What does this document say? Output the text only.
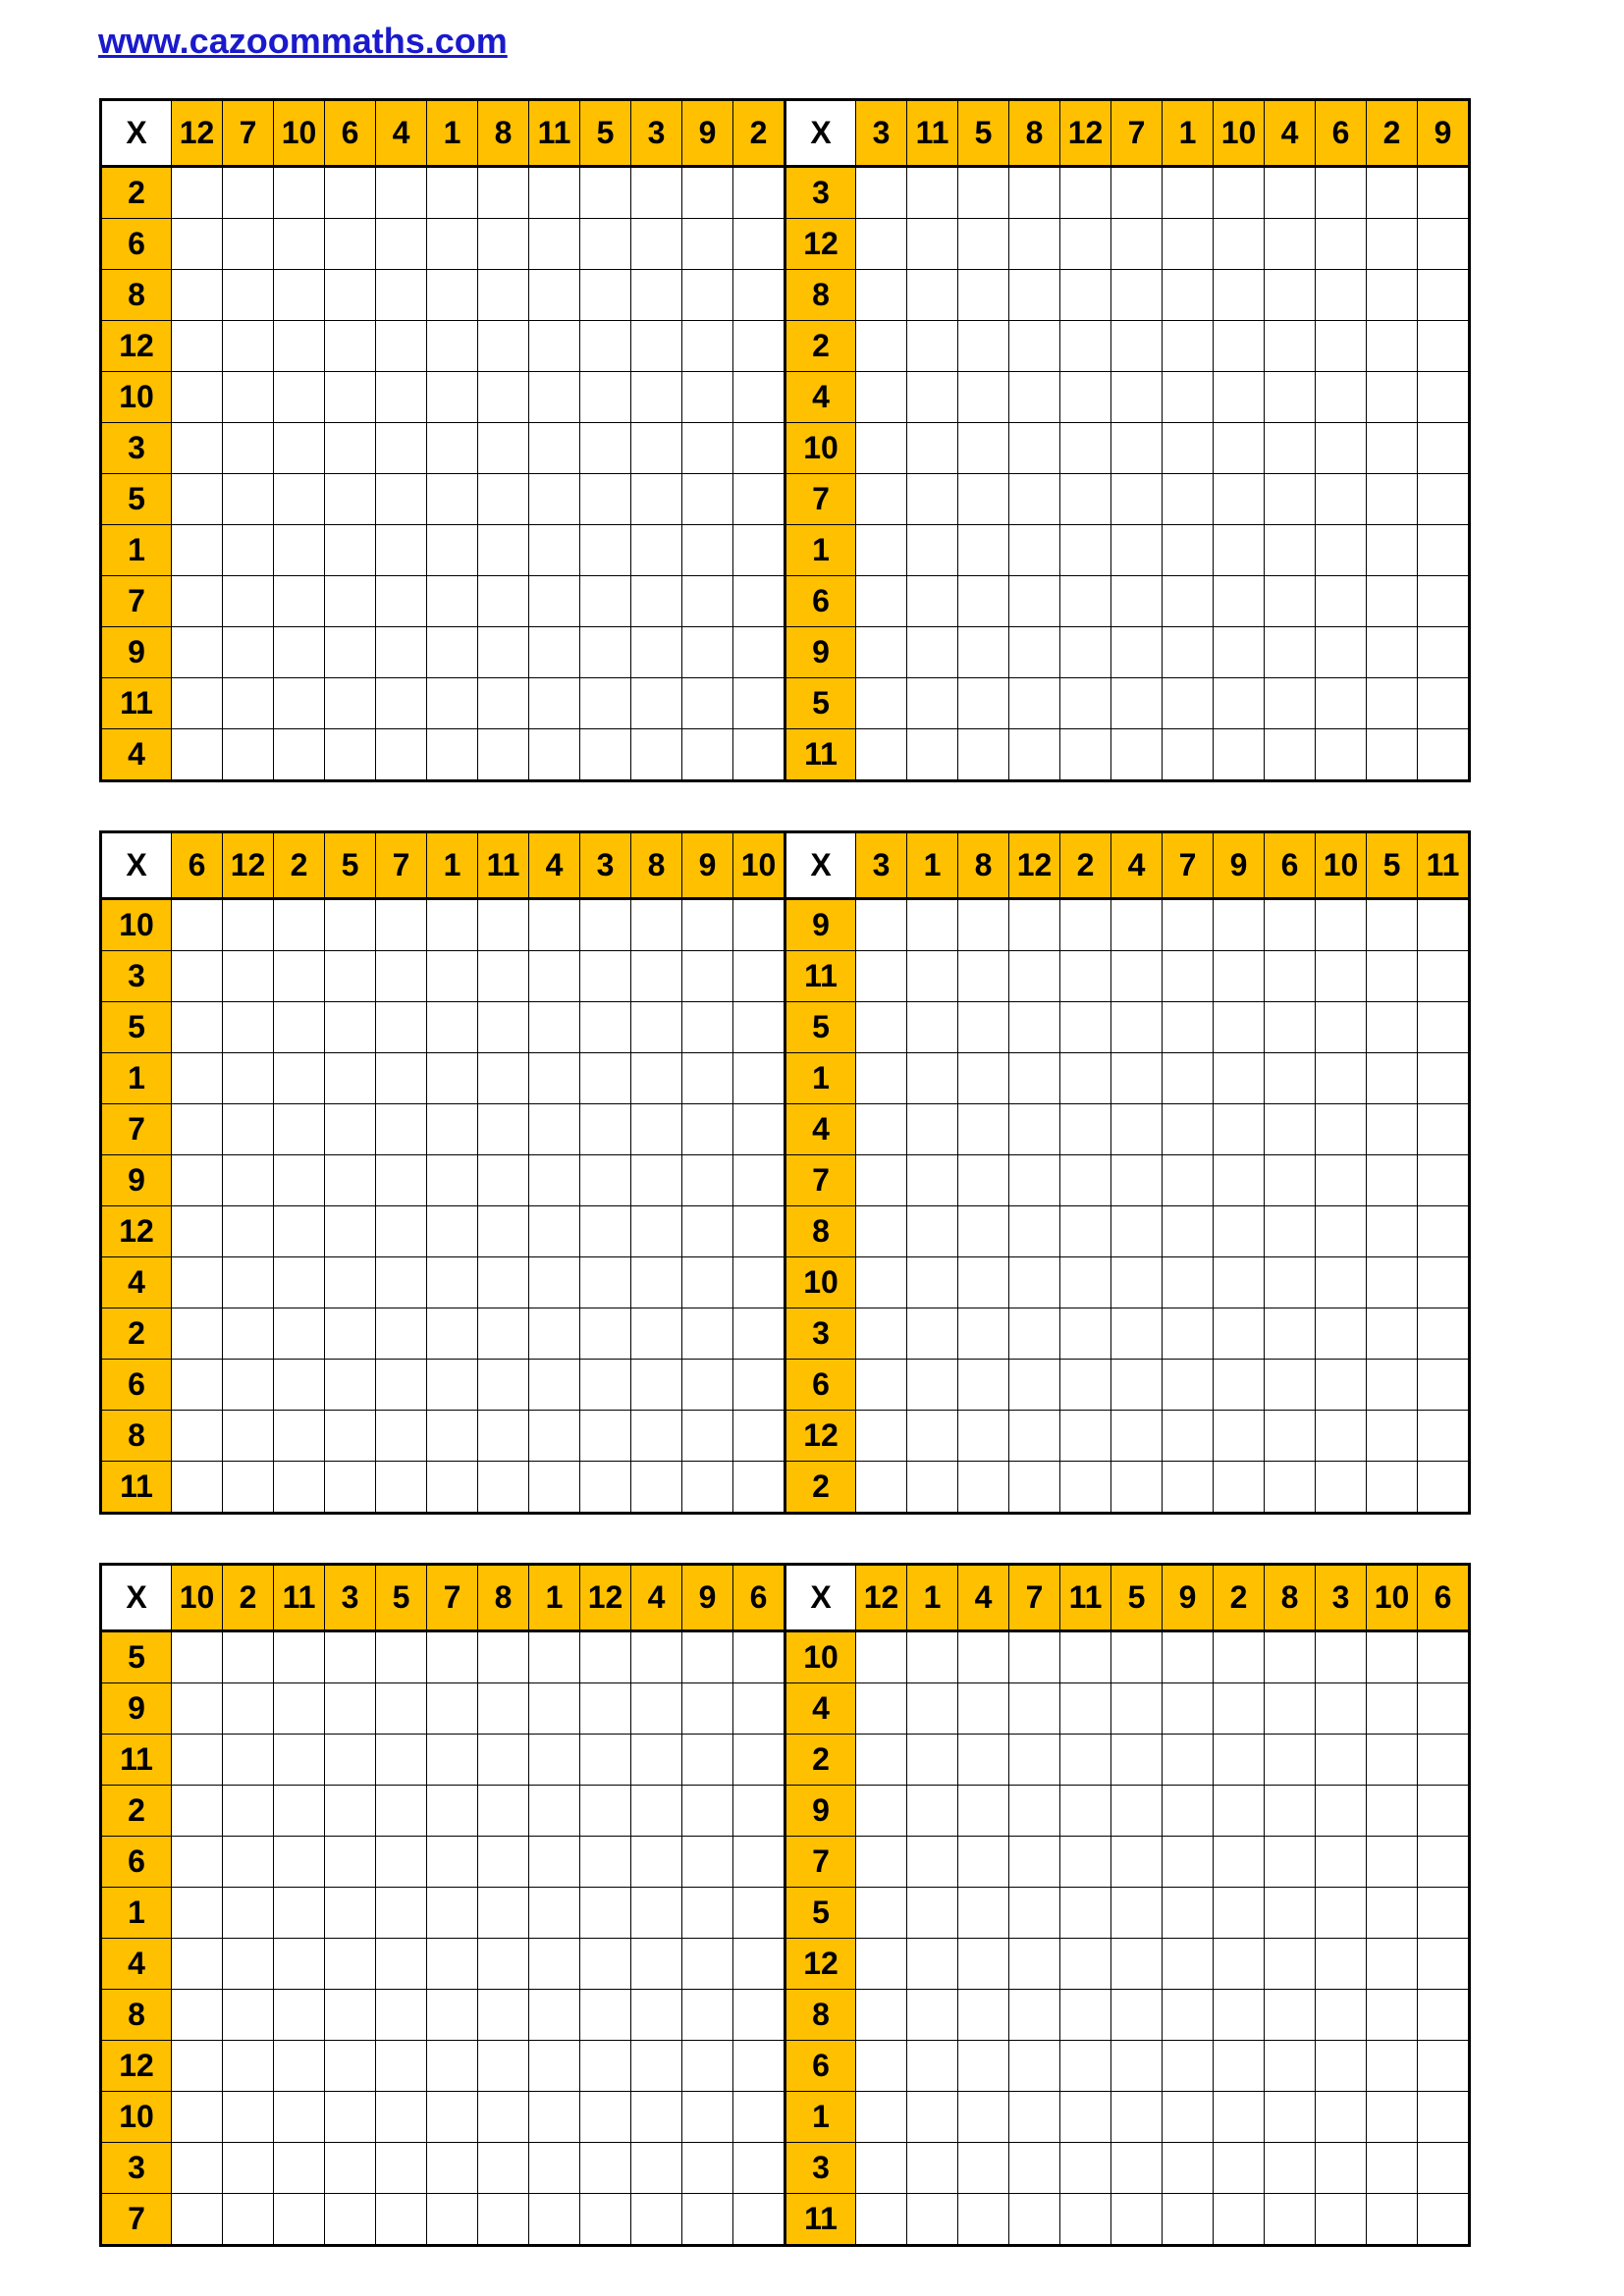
www.cazoommaths.com
X	12	7	10	6	4	1	8	11	5	3	9	2	X	3	11	5	8	12	7	1	10	4	6	2	9
2													3												
6													12												
8													8												
12													2												
10													4												
3													10												
5													7												
1													1												
7													6												
9													9												
11													5												
4													11												
X	6	12	2	5	7	1	11	4	3	8	9	10	X	3	1	8	12	2	4	7	9	6	10	5	11
10													9												
3													11												
5													5												
1													1												
7													4												
9													7												
12													8												
4													10												
2													3												
6													6												
8													12												
11													2												
X	10	2	11	3	5	7	8	1	12	4	9	6	X	12	1	4	7	11	5	9	2	8	3	10	6
5													10												
9													4												
11													2												
2													9												
6													7												
1													5												
4													12												
8													8												
12													6												
10													1												
3													3												
7													11												
